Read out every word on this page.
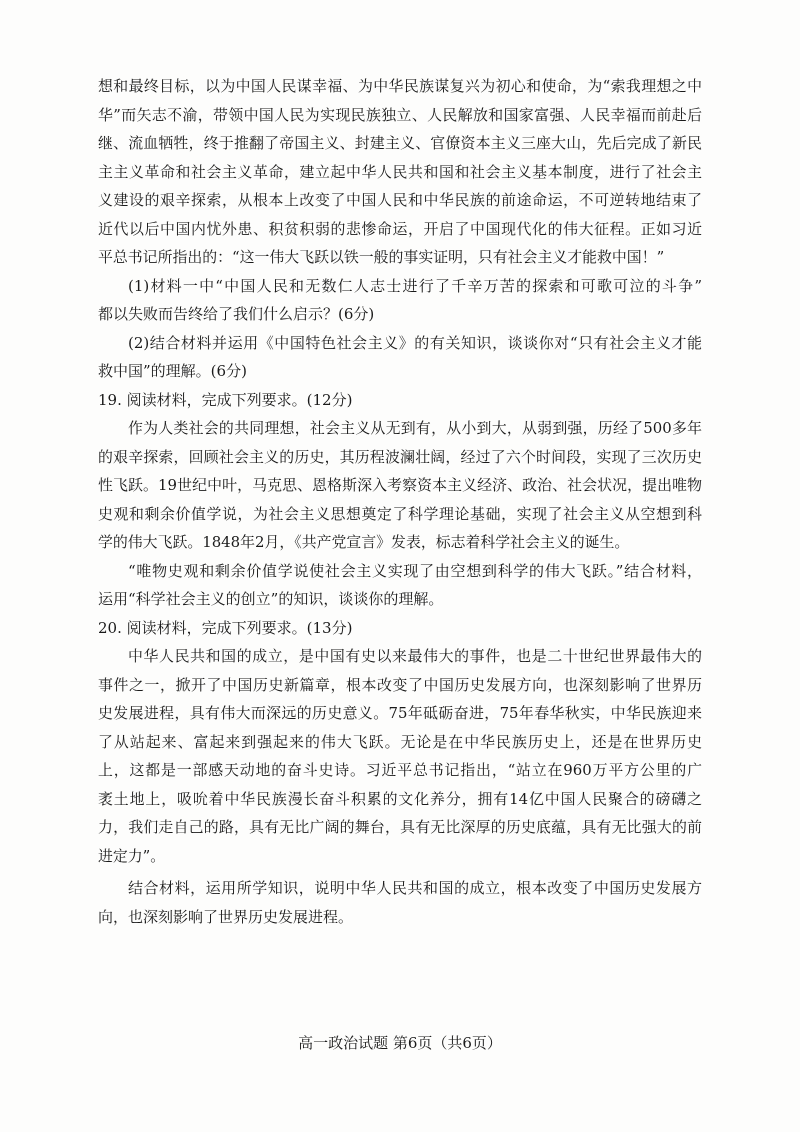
想和最终目标，以为中国人民谋幸福、为中华民族谋复兴为初心和使命，为“索我理想之中
华”而矢志不渝，带领中国人民为实现民族独立、人民解放和国家富强、人民幸福而前赴后
继、流血牺牲，终于推翻了帝国主义、封建主义、官僚资本主义三座大山，先后完成了新民
主主义革命和社会主义革命，建立起中华人民共和国和社会主义基本制度，进行了社会主
义建设的艰辛探索，从根本上改变了中国人民和中华民族的前途命运，不可逆转地结束了
近代以后中国内忧外患、积贫积弱的悲惨命运，开启了中国现代化的伟大征程。正如习近
平总书记所指出的：“这一伟大飞跃以铁一般的事实证明，只有社会主义才能救中国！”
(1)材料一中“中国人民和无数仁人志士进行了千辛万苦的探索和可歌可泣的斗争”
都以失败而告终给了我们什么启示？(6分)
(2)结合材料并运用《中国特色社会主义》的有关知识，谈谈你对“只有社会主义才能
救中国”的理解。(6分)
19. 阅读材料，完成下列要求。(12分)
作为人类社会的共同理想，社会主义从无到有，从小到大，从弱到强，历经了500多年
的艰辛探索，回顾社会主义的历史，其历程波澜壮阔，经过了六个时间段，实现了三次历史
性飞跃。19世纪中叶，马克思、恩格斯深入考察资本主义经济、政治、社会状况，提出唯物
史观和剩余价值学说，为社会主义思想奠定了科学理论基础，实现了社会主义从空想到科
学的伟大飞跃。1848年2月，《共产党宣言》发表，标志着科学社会主义的诞生。
“唯物史观和剩余价值学说使社会主义实现了由空想到科学的伟大飞跃。”结合材料，
运用“科学社会主义的创立”的知识，谈谈你的理解。
20. 阅读材料，完成下列要求。(13分)
中华人民共和国的成立，是中国有史以来最伟大的事件，也是二十世纪世界最伟大的
事件之一，掀开了中国历史新篇章，根本改变了中国历史发展方向，也深刻影响了世界历
史发展进程，具有伟大而深远的历史意义。75年砥砺奋进，75年春华秋实，中华民族迎来
了从站起来、富起来到强起来的伟大飞跃。无论是在中华民族历史上，还是在世界历史
上，这都是一部感天动地的奋斗史诗。习近平总书记指出，“站立在960万平方公里的广
袤土地上，吸吮着中华民族漫长奋斗积累的文化养分，拥有14亿中国人民聚合的磅礴之
力，我们走自己的路，具有无比广阔的舞台，具有无比深厚的历史底蕴，具有无比强大的前
进定力”。
结合材料，运用所学知识，说明中华人民共和国的成立，根本改变了中国历史发展方
向，也深刻影响了世界历史发展进程。
高一政治试题 第6页（共6页）
